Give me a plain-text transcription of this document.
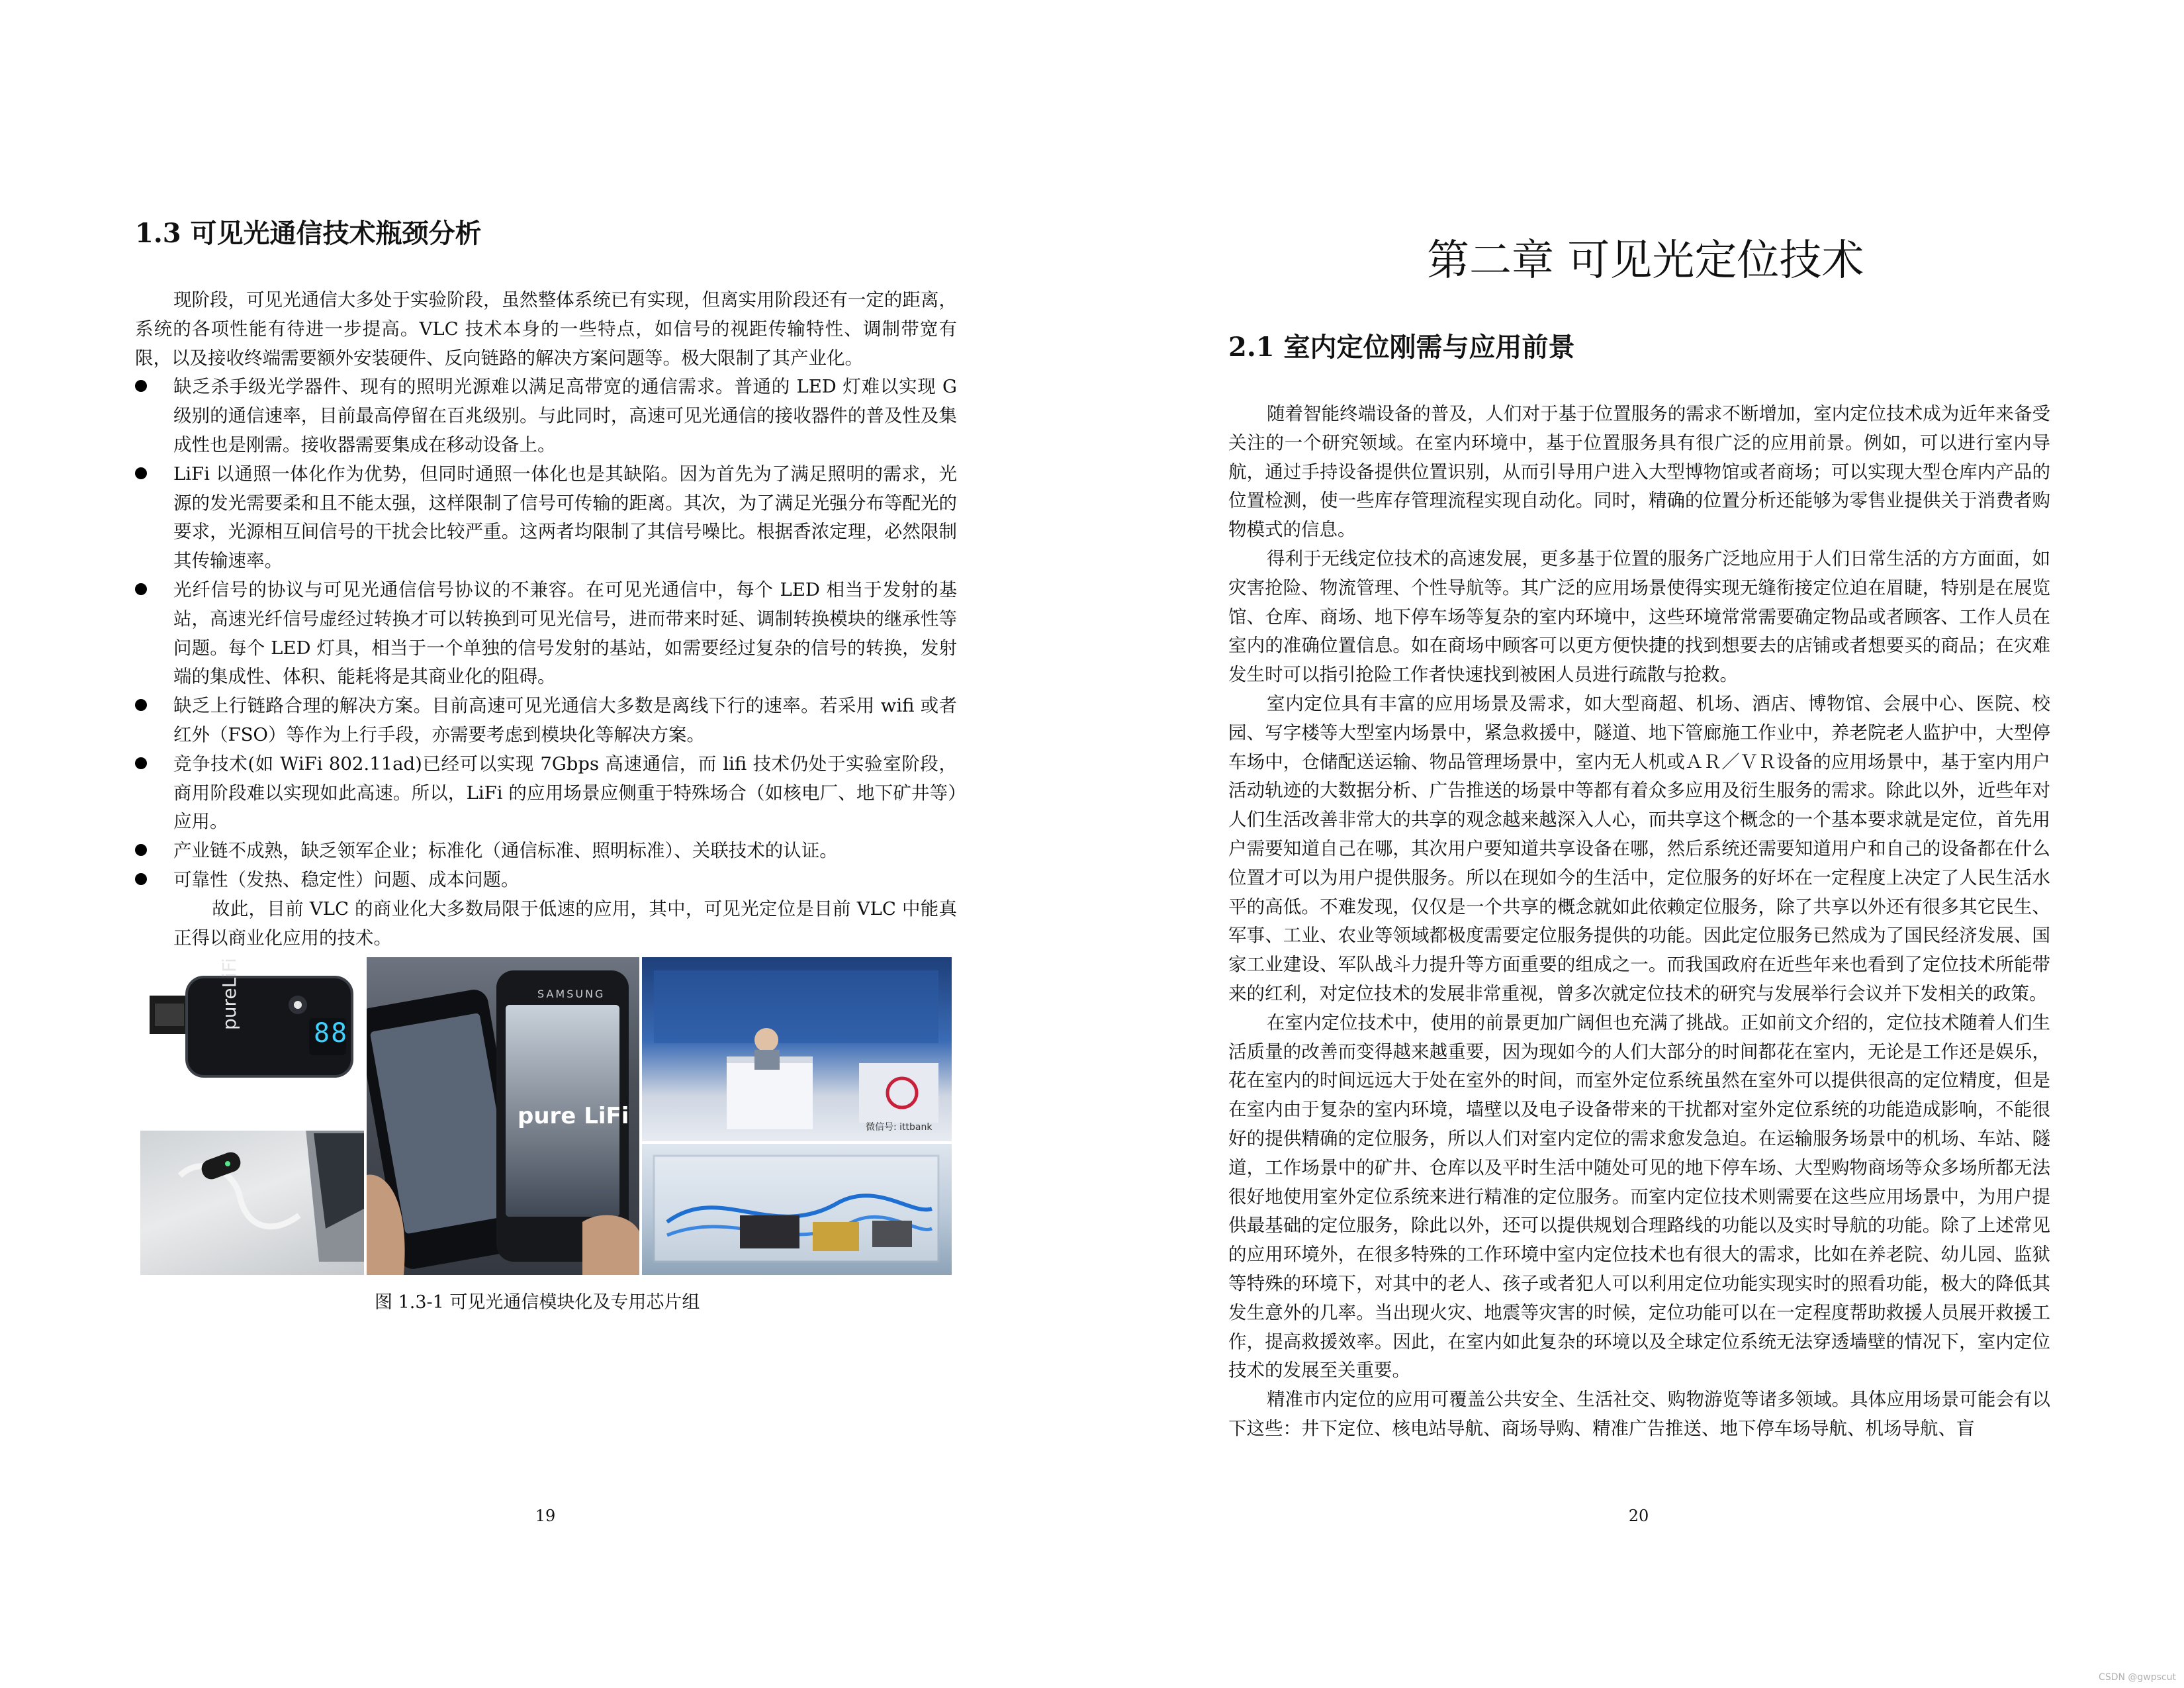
1.3 可见光通信技术瓶颈分析

现阶段，可见光通信大多处于实验阶段，虽然整体系统已有实现，但离实用阶段还有一定的距离，系统的各项性能有待进一步提高。VLC 技术本身的一些特点，如信号的视距传输特性、调制带宽有限，以及接收终端需要额外安装硬件、反向链路的解决方案问题等。极大限制了其产业化。

缺乏杀手级光学器件、现有的照明光源难以满足高带宽的通信需求。普通的 LED 灯难以实现 G 级别的通信速率，目前最高停留在百兆级别。与此同时，高速可见光通信的接收器件的普及性及集成性也是刚需。接收器需要集成在移动设备上。
LiFi 以通照一体化作为优势，但同时通照一体化也是其缺陷。因为首先为了满足照明的需求，光源的发光需要柔和且不能太强，这样限制了信号可传输的距离。其次，为了满足光强分布等配光的要求，光源相互间信号的干扰会比较严重。这两者均限制了其信号噪比。根据香浓定理，必然限制其传输速率。
光纤信号的协议与可见光通信信号协议的不兼容。在可见光通信中，每个 LED 相当于发射的基站，高速光纤信号虚经过转换才可以转换到可见光信号，进而带来时延、调制转换模块的继承性等问题。每个 LED 灯具，相当于一个单独的信号发射的基站，如需要经过复杂的信号的转换，发射端的集成性、体积、能耗将是其商业化的阻碍。
缺乏上行链路合理的解决方案。目前高速可见光通信大多数是离线下行的速率。若采用 wifi 或者红外（FSO）等作为上行手段，亦需要考虑到模块化等解决方案。
竞争技术(如 WiFi 802.11ad)已经可以实现 7Gbps 高速通信，而 lifi 技术仍处于实验室阶段，商用阶段难以实现如此高速。所以，LiFi 的应用场景应侧重于特殊场合（如核电厂、地下矿井等）应用。
产业链不成熟，缺乏领军企业；标准化（通信标准、照明标准）、关联技术的认证。
可靠性（发热、稳定性）问题、成本问题。

故此，目前 VLC 的商业化大多数局限于低速的应用，其中，可见光定位是目前 VLC 中能真正得以商业化应用的技术。

pureLiFi
88
SAMSUNG
pure LiFi	微信号: ittbank
图 1.3-1 可见光通信模块化及专用芯片组
19
第二章 可见光定位技术
2.1 室内定位刚需与应用前景

随着智能终端设备的普及，人们对于基于位置服务的需求不断增加，室内定位技术成为近年来备受关注的一个研究领域。在室内环境中，基于位置服务具有很广泛的应用前景。例如，可以进行室内导航，通过手持设备提供位置识别，从而引导用户进入大型博物馆或者商场；可以实现大型仓库内产品的位置检测，使一些库存管理流程实现自动化。同时，精确的位置分析还能够为零售业提供关于消费者购物模式的信息。

得利于无线定位技术的高速发展，更多基于位置的服务广泛地应用于人们日常生活的方方面面，如灾害抢险、物流管理、个性导航等。其广泛的应用场景使得实现无缝衔接定位迫在眉睫，特别是在展览馆、仓库、商场、地下停车场等复杂的室内环境中，这些环境常常需要确定物品或者顾客、工作人员在室内的准确位置信息。如在商场中顾客可以更方便快捷的找到想要去的店铺或者想要买的商品；在灾难发生时可以指引抢险工作者快速找到被困人员进行疏散与抢救。

室内定位具有丰富的应用场景及需求，如大型商超、机场、酒店、博物馆、会展中心、医院、校园、写字楼等大型室内场景中，紧急救援中，隧道、地下管廊施工作业中，养老院老人监护中，大型停车场中，仓储配送运输、物品管理场景中，室内无人机或ＡＲ／ＶＲ设备的应用场景中，基于室内用户活动轨迹的大数据分析、广告推送的场景中等都有着众多应用及衍生服务的需求。除此以外，近些年对人们生活改善非常大的共享的观念越来越深入人心，而共享这个概念的一个基本要求就是定位，首先用户需要知道自己在哪，其次用户要知道共享设备在哪，然后系统还需要知道用户和自己的设备都在什么位置才可以为用户提供服务。所以在现如今的生活中，定位服务的好坏在一定程度上决定了人民生活水平的高低。不难发现，仅仅是一个共享的概念就如此依赖定位服务，除了共享以外还有很多其它民生、军事、工业、农业等领域都极度需要定位服务提供的功能。因此定位服务已然成为了国民经济发展、国家工业建设、军队战斗力提升等方面重要的组成之一。而我国政府在近些年来也看到了定位技术所能带来的红利，对定位技术的发展非常重视，曾多次就定位技术的研究与发展举行会议并下发相关的政策。

在室内定位技术中，使用的前景更加广阔但也充满了挑战。正如前文介绍的，定位技术随着人们生活质量的改善而变得越来越重要，因为现如今的人们大部分的时间都花在室内，无论是工作还是娱乐，花在室内的时间远远大于处在室外的时间，而室外定位系统虽然在室外可以提供很高的定位精度，但是在室内由于复杂的室内环境，墙壁以及电子设备带来的干扰都对室外定位系统的功能造成影响，不能很好的提供精确的定位服务，所以人们对室内定位的需求愈发急迫。在运输服务场景中的机场、车站、隧道，工作场景中的矿井、仓库以及平时生活中随处可见的地下停车场、大型购物商场等众多场所都无法很好地使用室外定位系统来进行精准的定位服务。而室内定位技术则需要在这些应用场景中，为用户提供最基础的定位服务，除此以外，还可以提供规划合理路线的功能以及实时导航的功能。除了上述常见的应用环境外，在很多特殊的工作环境中室内定位技术也有很大的需求，比如在养老院、幼儿园、监狱等特殊的环境下，对其中的老人、孩子或者犯人可以利用定位功能实现实时的照看功能，极大的降低其发生意外的几率。当出现火灾、地震等灾害的时候，定位功能可以在一定程度帮助救援人员展开救援工作，提高救援效率。因此，在室内如此复杂的环境以及全球定位系统无法穿透墙壁的情况下，室内定位技术的发展至关重要。

精准市内定位的应用可覆盖公共安全、生活社交、购物游览等诸多领域。具体应用场景可能会有以下这些：井下定位、核电站导航、商场导购、精准广告推送、地下停车场导航、机场导航、盲

20
CSDN @gwpscut
